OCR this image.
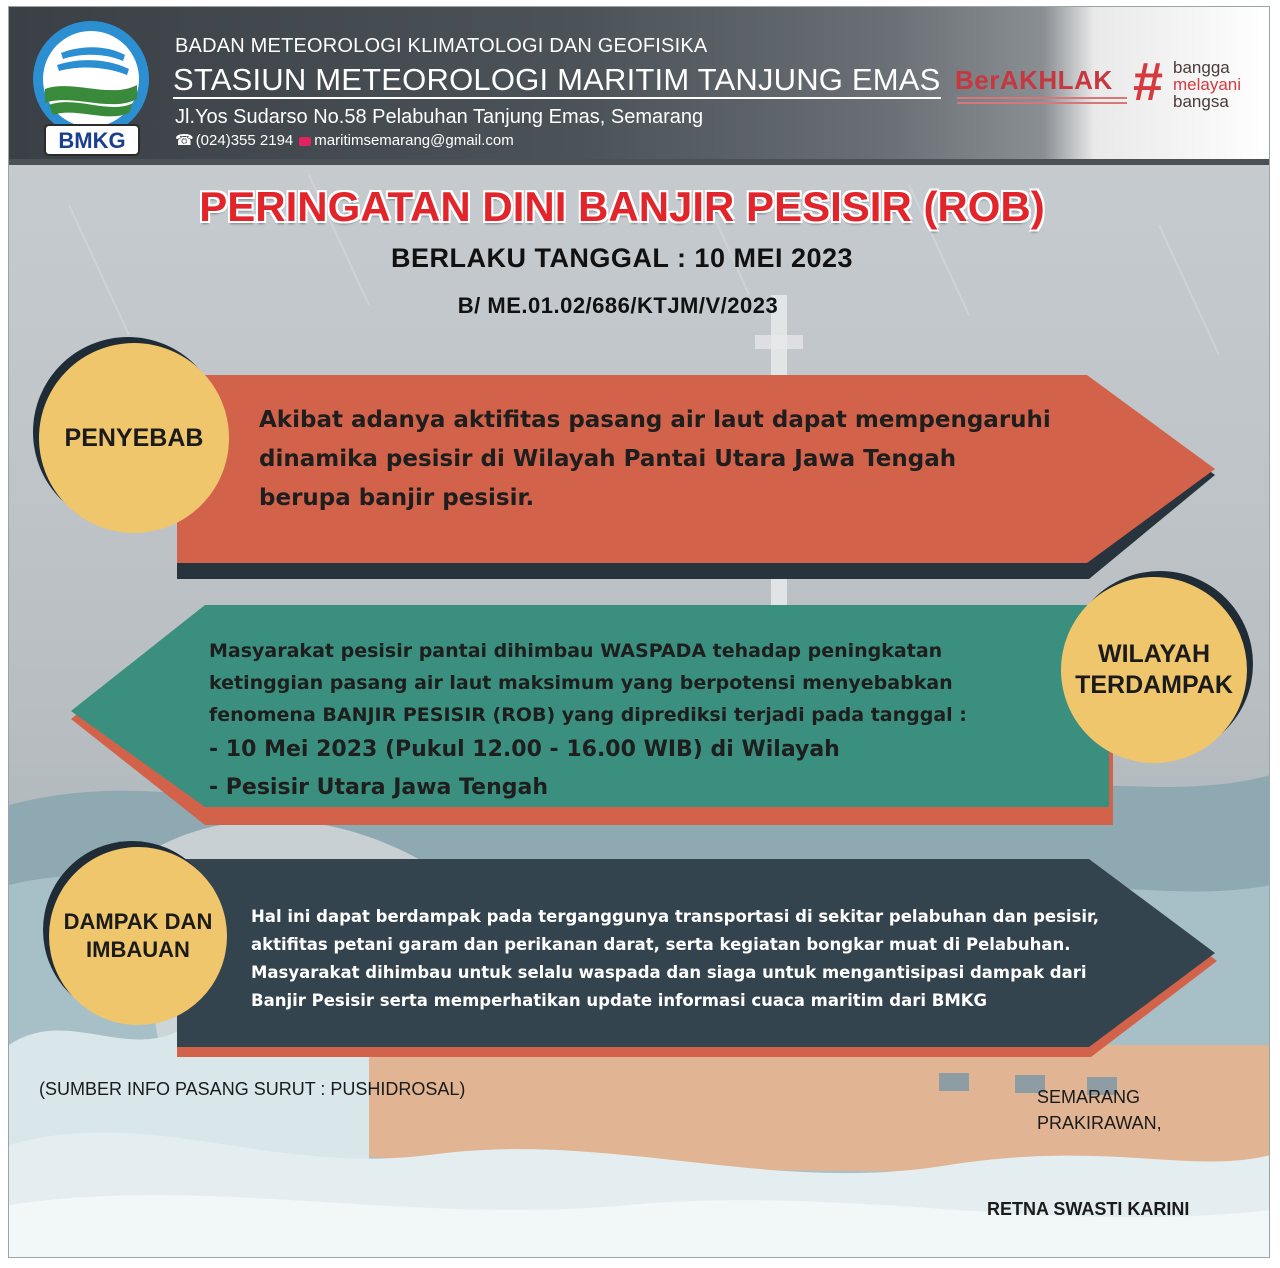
BMKG
BADAN METEOROLOGI KLIMATOLOGI DAN GEOFISIKA
STASIUN METEOROLOGI MARITIM TANJUNG EMAS
Jl.Yos Sudarso No.58 Pelabuhan Tanjung Emas, Semarang
☎ (024)355 2194 maritimsemarang@gmail.com
BerAKHLAK # bangga
melayani
bangsa
PERINGATAN DINI BANJIR PESISIR (ROB)
BERLAKU TANGGAL : 10 MEI 2023
B/ ME.01.02/686/KTJM/V/2023
PENYEBAB
Akibat adanya aktifitas pasang air laut dapat mempengaruhi
dinamika pesisir di Wilayah Pantai Utara Jawa Tengah
berupa banjir pesisir.
WILAYAH
TERDAMPAK
Masyarakat pesisir pantai dihimbau WASPADA tehadap peningkatan
ketinggian pasang air laut maksimum yang berpotensi menyebabkan
fenomena BANJIR PESISIR (ROB) yang diprediksi terjadi pada tanggal :
- 10 Mei 2023 (Pukul 12.00 - 16.00 WIB) di Wilayah
- Pesisir Utara Jawa Tengah
DAMPAK DAN
IMBAUAN
Hal ini dapat berdampak pada terganggunya transportasi di sekitar pelabuhan dan pesisir,
aktifitas petani garam dan perikanan darat, serta kegiatan bongkar muat di Pelabuhan.
Masyarakat dihimbau untuk selalu waspada dan siaga untuk mengantisipasi dampak dari
Banjir Pesisir serta memperhatikan update informasi cuaca maritim dari BMKG
(SUMBER INFO PASANG SURUT : PUSHIDROSAL)	SEMARANG
PRAKIRAWAN,
RETNA SWASTI KARINI
